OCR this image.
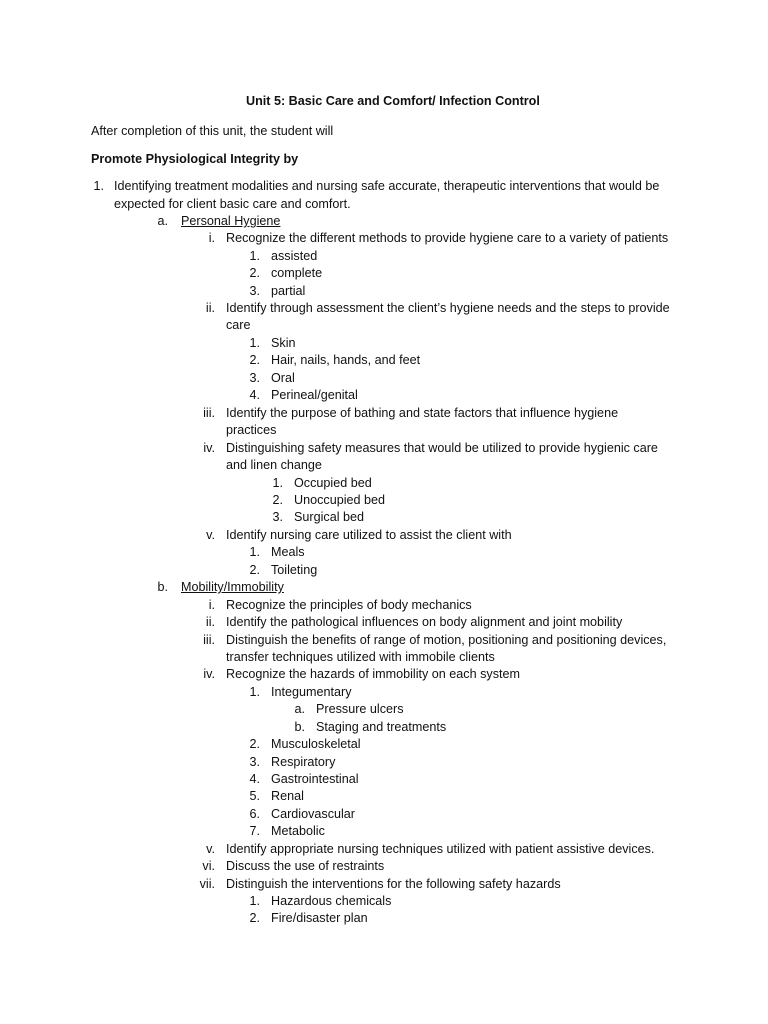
Unit 5: Basic Care and Comfort/ Infection Control
After completion of this unit, the student will
Promote Physiological Integrity by
1. Identifying treatment modalities and nursing safe accurate, therapeutic interventions that would be
expected for client basic care and comfort.
a. Personal Hygiene
i. Recognize the different methods to provide hygiene care to a variety of patients
1. assisted
2. complete
3. partial
ii. Identify through assessment the client’s hygiene needs and the steps to provide
care
1. Skin
2. Hair, nails, hands, and feet
3. Oral
4. Perineal/genital
iii. Identify the purpose of bathing and state factors that influence hygiene
practices
iv. Distinguishing safety measures that would be utilized to provide hygienic care
and linen change
1. Occupied bed
2. Unoccupied bed
3. Surgical bed
v. Identify nursing care utilized to assist the client with
1. Meals
2. Toileting
b. Mobility/Immobility
i. Recognize the principles of body mechanics
ii. Identify the pathological influences on body alignment and joint mobility
iii. Distinguish the benefits of range of motion, positioning and positioning devices,
transfer techniques utilized with immobile clients
iv. Recognize the hazards of immobility on each system
1. Integumentary
a. Pressure ulcers
b. Staging and treatments
2. Musculoskeletal
3. Respiratory
4. Gastrointestinal
5. Renal
6. Cardiovascular
7. Metabolic
v. Identify appropriate nursing techniques utilized with patient assistive devices.
vi. Discuss the use of restraints
vii. Distinguish the interventions for the following safety hazards
1. Hazardous chemicals
2. Fire/disaster plan
